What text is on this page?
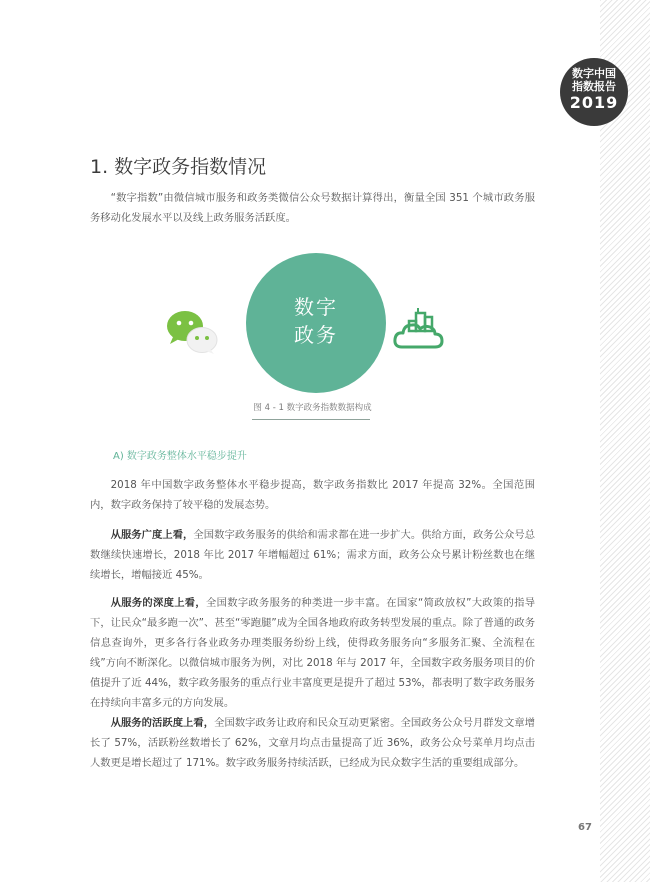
数字中国
指数报告
2019
1. 数字政务指数情况
“数字指数”由微信城市服务和政务类微信公众号数据计算得出，衡量全国 351 个城市政务服务移动化发展水平以及线上政务服务活跃度。
数字
政务
图 4 - 1 数字政务指数数据构成
A) 数字政务整体水平稳步提升
2018 年中国数字政务整体水平稳步提高，数字政务指数比 2017 年提高 32%。全国范围内，数字政务保持了较平稳的发展态势。
从服务广度上看，全国数字政务服务的供给和需求都在进一步扩大。供给方面，政务公众号总数继续快速增长，2018 年比 2017 年增幅超过 61%；需求方面，政务公众号累计粉丝数也在继续增长，增幅接近 45%。
从服务的深度上看，全国数字政务服务的种类进一步丰富。在国家“简政放权”大政策的指导下，让民众“最多跑一次”、甚至“零跑腿”成为全国各地政府政务转型发展的重点。除了普通的政务信息查询外，更多各行各业政务办理类服务纷纷上线，使得政务服务向“多服务汇聚、全流程在线”方向不断深化。以微信城市服务为例，对比 2018 年与 2017 年，全国数字政务服务项目的价值提升了近 44%，数字政务服务的重点行业丰富度更是提升了超过 53%，都表明了数字政务服务在持续向丰富多元的方向发展。
从服务的活跃度上看，全国数字政务让政府和民众互动更紧密。全国政务公众号月群发文章增长了 57%，活跃粉丝数增长了 62%，文章月均点击量提高了近 36%，政务公众号菜单月均点击人数更是增长超过了 171%。数字政务服务持续活跃，已经成为民众数字生活的重要组成部分。
67
